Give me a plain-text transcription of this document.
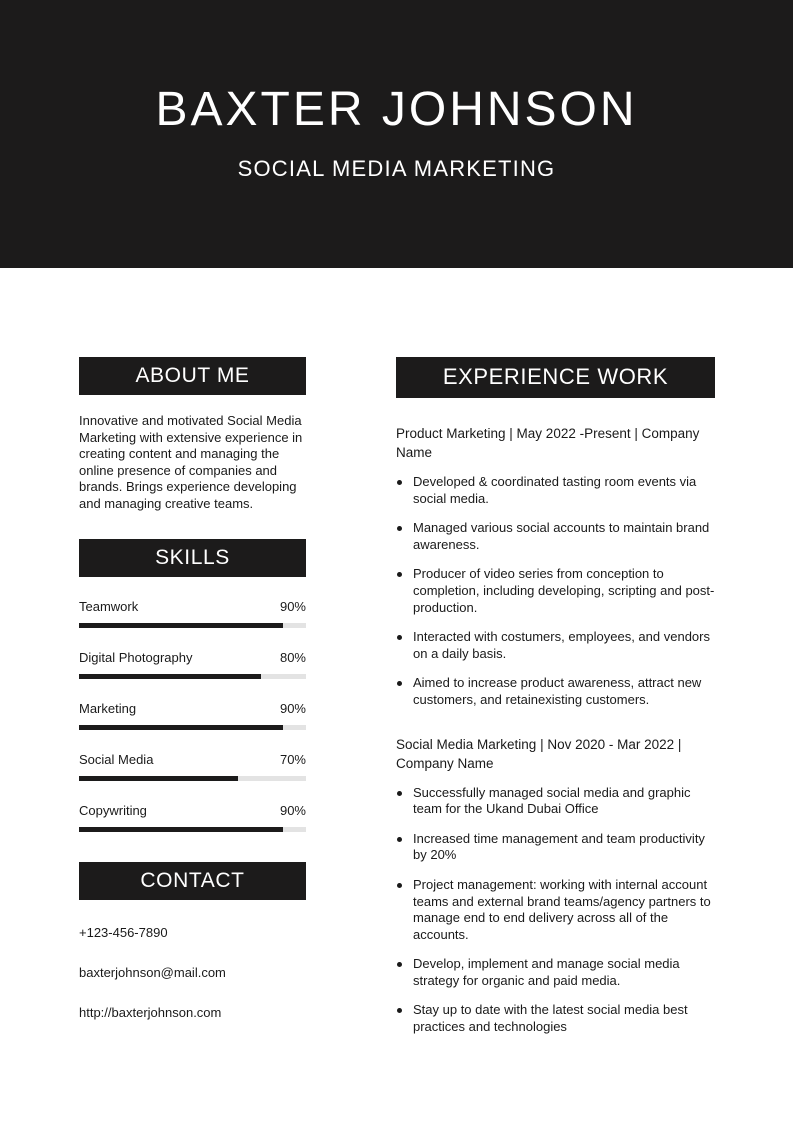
BAXTER JOHNSON
SOCIAL MEDIA MARKETING
ABOUT ME
Innovative and motivated Social Media Marketing with extensive experience in creating content and managing the online presence of companies and brands. Brings experience developing and managing creative teams.
SKILLS
Teamwork	90%
Digital Photography	80%
Marketing	90%
Social Media	70%
Copywriting	90%
CONTACT
+123-456-7890
baxterjohnson@mail.com
http://baxterjohnson.com
EXPERIENCE WORK
Product Marketing | May 2022 -Present | Company Name
Developed & coordinated tasting room events via social media.
Managed various social accounts to maintain brand awareness.
Producer of video series from conception to completion, including developing, scripting and post-production.
Interacted with costumers, employees, and vendors on a daily basis.
Aimed to increase product awareness, attract new customers, and retainexisting customers.
Social Media Marketing | Nov 2020 - Mar 2022 | Company Name
Successfully managed social media and graphic team for the Ukand Dubai Office
Increased time management and team productivity by 20%
Project management: working with internal account teams and external brand teams/agency partners to manage end to end delivery across all of the accounts.
Develop, implement and manage social media strategy for organic and paid media.
Stay up to date with the latest social media best practices and technologies
